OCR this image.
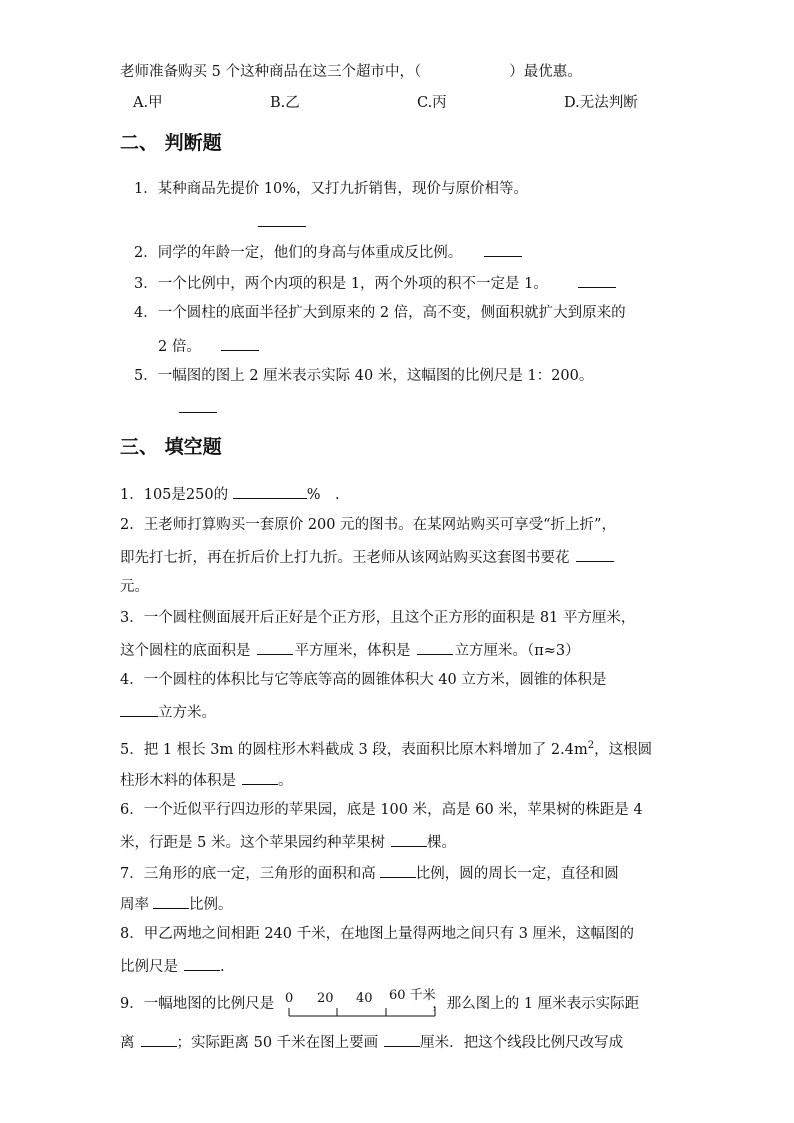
老师准备购买 5 个这种商品在这三个超市中，（	）最优惠。
A.甲	B.乙	C.丙	D.无法判断
二、 判断题
1．某种商品先提价 10%，又打九折销售，现价与原价相等。
2．同学的年龄一定，他们的身高与体重成反比例。
3．一个比例中，两个内项的积是 1，两个外项的积不一定是 1。
4．一个圆柱的底面半径扩大到原来的 2 倍，高不变，侧面积就扩大到原来的
2 倍。
5．一幅图的图上 2 厘米表示实际 40 米，这幅图的比例尺是 1：200。
三、 填空题
1．105是250的	%　.
2．王老师打算购买一套原价 200 元的图书。在某网站购买可享受“折上折”，
即先打七折，再在折后价上打九折。王老师从该网站购买这套图书要花
元。
3．一个圆柱侧面展开后正好是个正方形，且这个正方形的面积是 81 平方厘米，
这个圆柱的底面积是	平方厘米，体积是	立方厘米。（π≈3）
4．一个圆柱的体积比与它等底等高的圆锥体积大 40 立方米，圆锥的体积是
立方米。
5．把 1 根长 3m 的圆柱形木料截成 3 段，表面积比原木料增加了 $2.4m^2$，这根圆
柱形木料的体积是	。
6．一个近似平行四边形的苹果园，底是 100 米，高是 60 米，苹果树的株距是 4
米，行距是 5 米。这个苹果园约种苹果树	棵。
7．三角形的底一定，三角形的面积和高	比例，圆的周长一定，直径和圆
周率	比例。
8．甲乙两地之间相距 240 千米，在地图上量得两地之间只有 3 厘米，这幅图的
比例尺是	.
9．一幅地图的比例尺是	，那么图上的 1 厘米表示实际距
0 20 40 60 千米
离	；实际距离 50 千米在图上要画	厘米．把这个线段比例尺改写成
